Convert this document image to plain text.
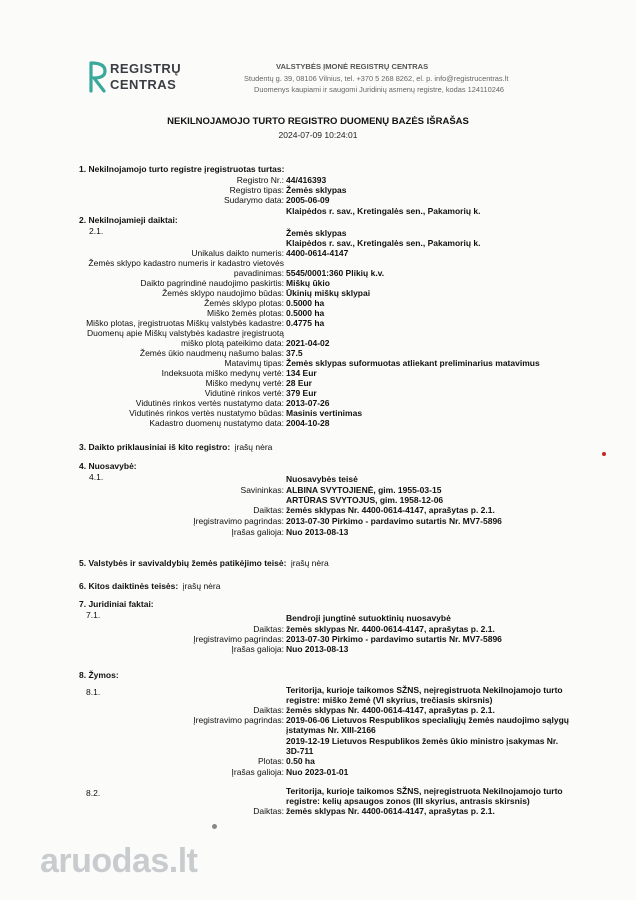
REGISTRŲ
CENTRAS
VALSTYBĖS ĮMONĖ REGISTRŲ CENTRAS
Studentų g. 39, 08106 Vilnius, tel. +370 5 268 8262, el. p. info@registrucentras.lt
Duomenys kaupiami ir saugomi Juridinių asmenų registre, kodas 124110246
NEKILNOJAMOJO TURTO REGISTRO DUOMENŲ BAZĖS IŠRAŠAS
2024-07-09 10:24:01
1. Nekilnojamojo turto registre įregistruotas turtas:
Registro Nr.: 44/416393
Registro tipas: Žemės sklypas
Sudarymo data: 2005-06-09
Klaipėdos r. sav., Kretingalės sen., Pakamorių k.
2. Nekilnojamieji daiktai:
2.1.	Žemės sklypas
Klaipėdos r. sav., Kretingalės sen., Pakamorių k.
Unikalus daikto numeris: 4400-0614-4147
Žemės sklypo kadastro numeris ir kadastro vietovės
pavadinimas: 5545/0001:360 Plikių k.v.
Daikto pagrindinė naudojimo paskirtis: Miškų ūkio
Žemės sklypo naudojimo būdas: Ūkinių miškų sklypai
Žemės sklypo plotas: 0.5000 ha
Miško žemės plotas: 0.5000 ha
Miško plotas, įregistruotas Miškų valstybės kadastre: 0.4775 ha
Duomenų apie Miškų valstybės kadastre įregistruotą
miško plotą pateikimo data: 2021-04-02
Žemės ūkio naudmenų našumo balas: 37.5
Matavimų tipas: Žemės sklypas suformuotas atliekant preliminarius matavimus
Indeksuota miško medynų vertė: 134 Eur
Miško medynų vertė: 28 Eur
Vidutinė rinkos vertė: 379 Eur
Vidutinės rinkos vertės nustatymo data: 2013-07-26
Vidutinės rinkos vertės nustatymo būdas: Masinis vertinimas
Kadastro duomenų nustatymo data: 2004-10-28
3. Daikto priklausiniai iš kito registro: įrašų nėra
4. Nuosavybė:
4.1.	Nuosavybės teisė
Savininkas: ALBINA SVYTOJIENĖ, gim. 1955-03-15
ARTŪRAS SVYTOJUS, gim. 1958-12-06
Daiktas: žemės sklypas Nr. 4400-0614-4147, aprašytas p. 2.1.
Įregistravimo pagrindas: 2013-07-30 Pirkimo - pardavimo sutartis Nr. MV7-5896
Įrašas galioja: Nuo 2013-08-13
5. Valstybės ir savivaldybių žemės patikėjimo teisė: įrašų nėra
6. Kitos daiktinės teisės: įrašų nėra
7. Juridiniai faktai:
7.1.	Bendroji jungtinė sutuoktinių nuosavybė
Daiktas: žemės sklypas Nr. 4400-0614-4147, aprašytas p. 2.1.
Įregistravimo pagrindas: 2013-07-30 Pirkimo - pardavimo sutartis Nr. MV7-5896
Įrašas galioja: Nuo 2013-08-13
8. Žymos:
8.1.	Teritorija, kurioje taikomos SŽNS, neįregistruota Nekilnojamojo turto
registre: miško žemė (VI skyrius, trečiasis skirsnis)
Daiktas: žemės sklypas Nr. 4400-0614-4147, aprašytas p. 2.1.
Įregistravimo pagrindas: 2019-06-06 Lietuvos Respublikos specialiųjų žemės naudojimo sąlygų
įstatymas Nr. XIII-2166
2019-12-19 Lietuvos Respublikos žemės ūkio ministro įsakymas Nr.
3D-711
Plotas: 0.50 ha
Įrašas galioja: Nuo 2023-01-01
8.2.	Teritorija, kurioje taikomos SŽNS, neįregistruota Nekilnojamojo turto
registre: kelių apsaugos zonos (III skyrius, antrasis skirsnis)
Daiktas: žemės sklypas Nr. 4400-0614-4147, aprašytas p. 2.1.
aruodas.lt
